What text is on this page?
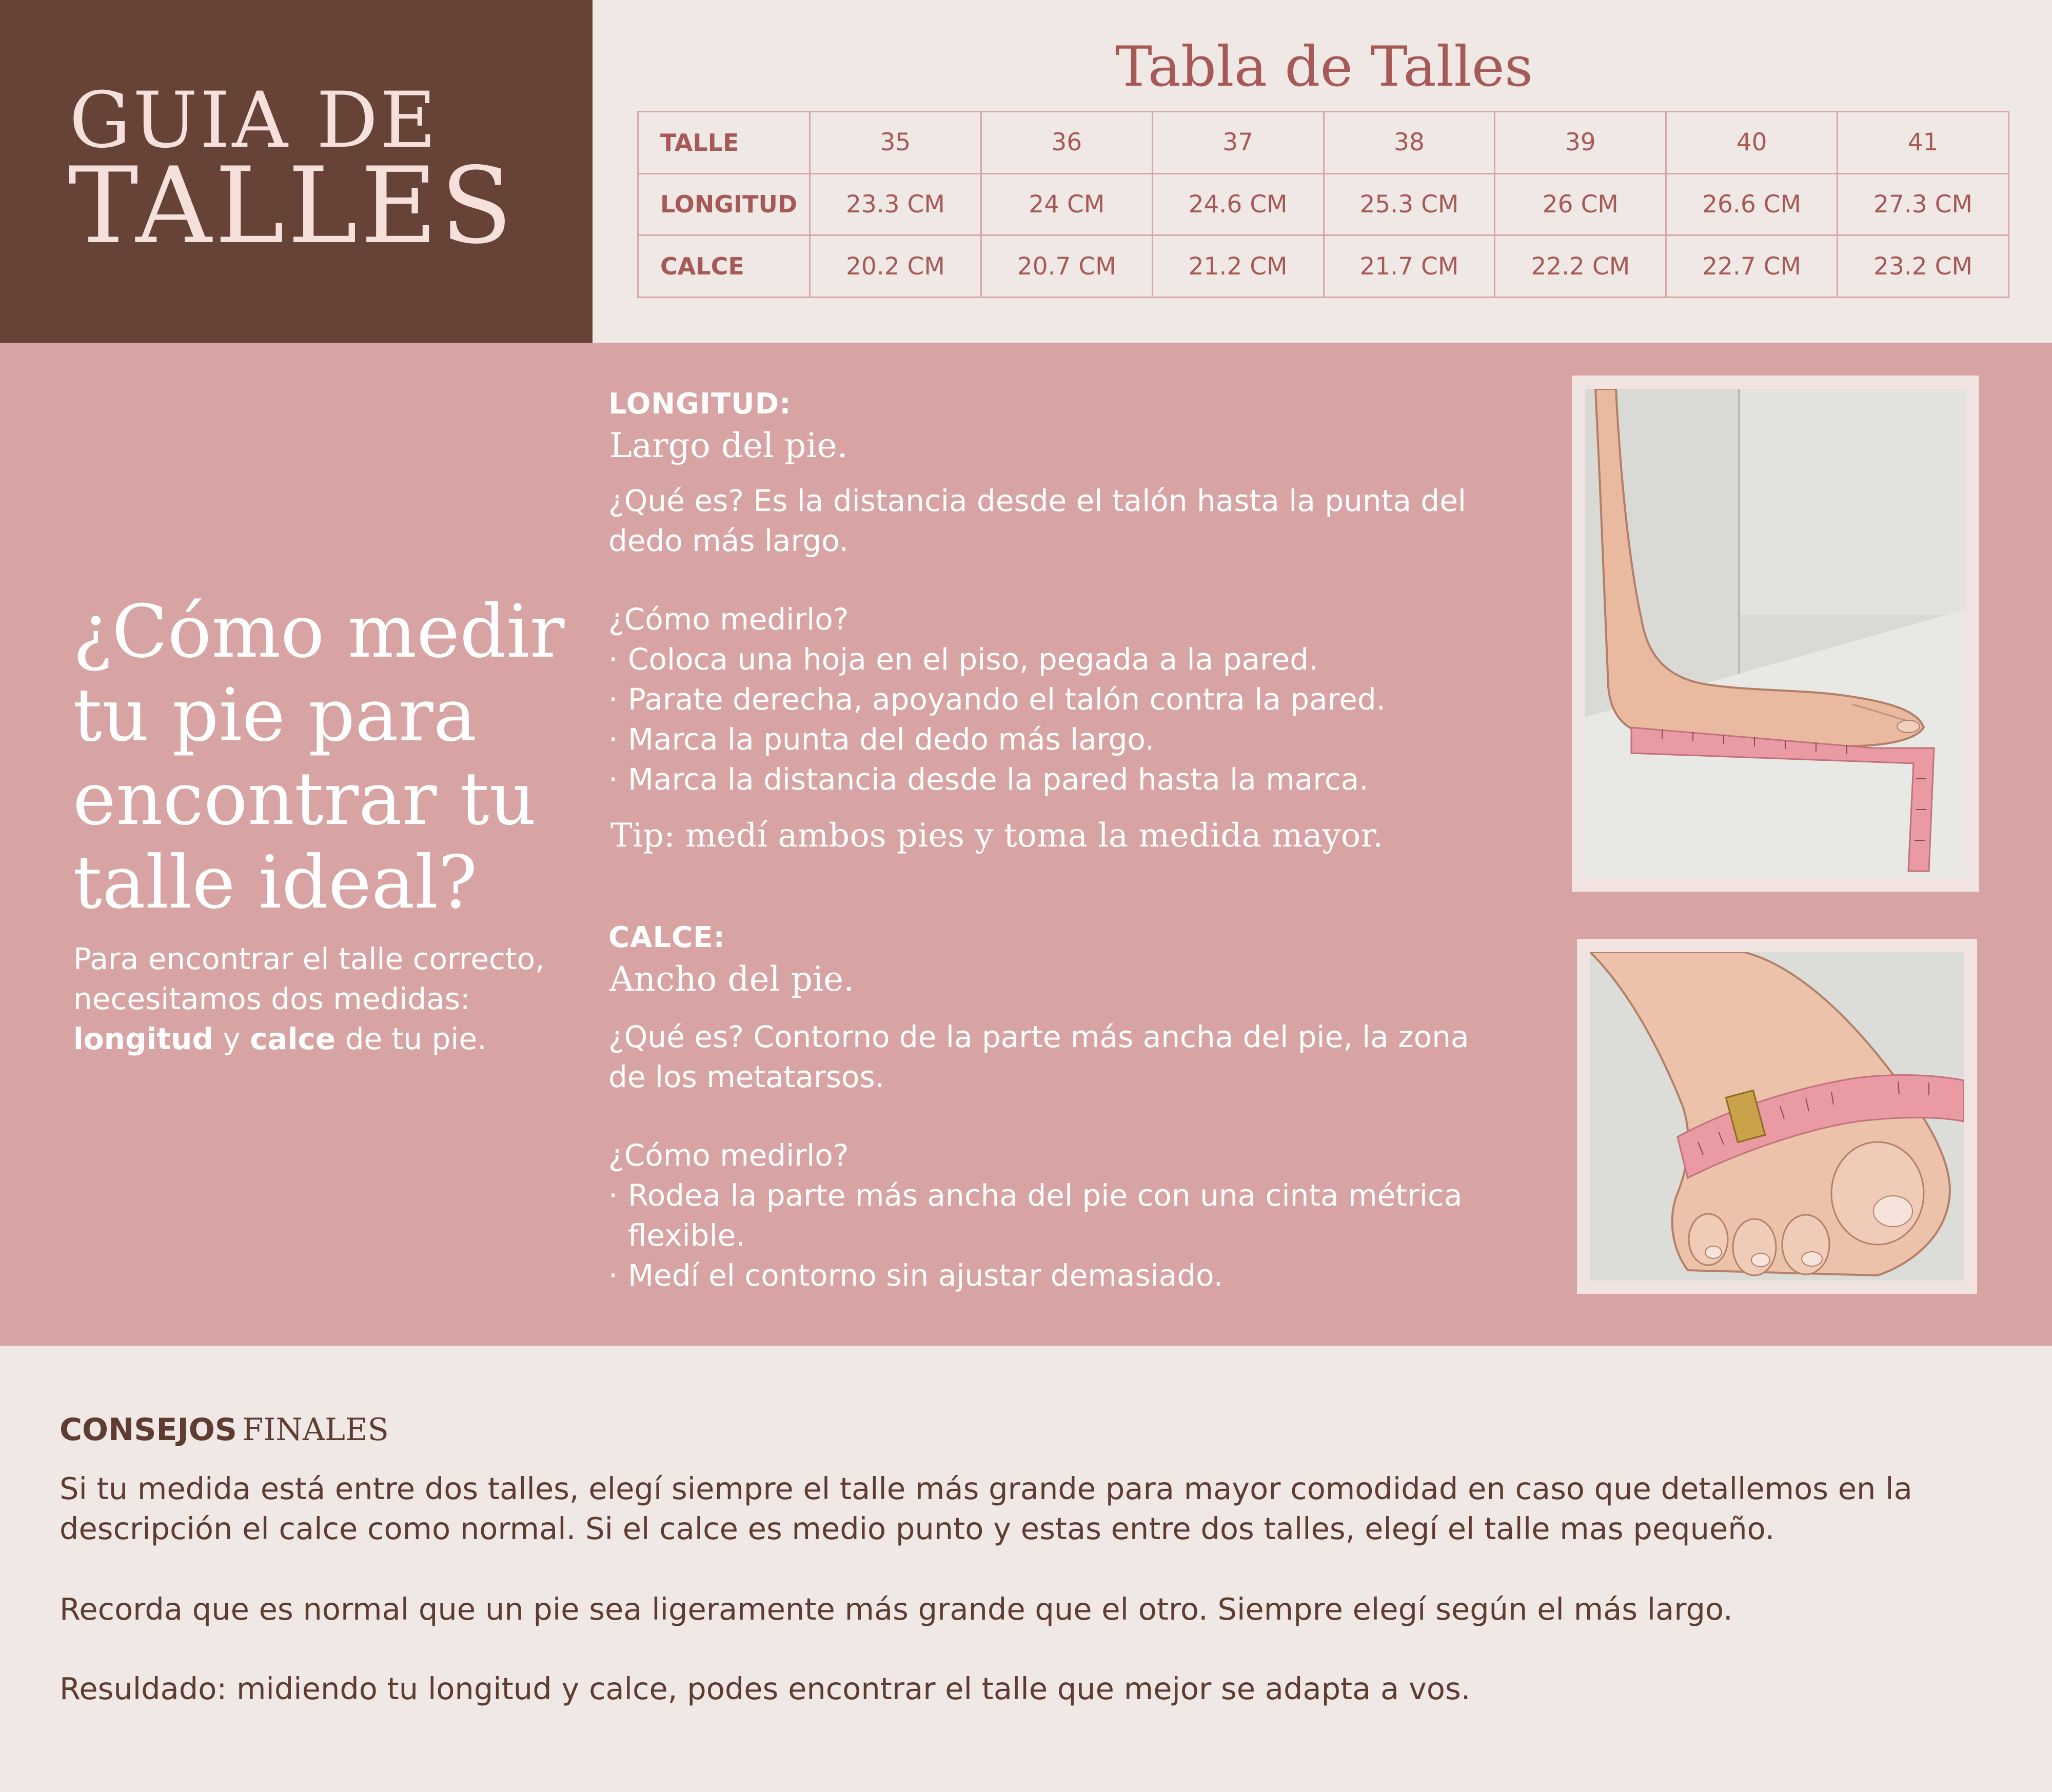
GUIA DE
TALLES
Tabla de Talles
TALLE	35	36	37	38	39	40	41
LONGITUD	23.3 CM	24 CM	24.6 CM	25.3 CM	26 CM	26.6 CM	27.3 CM
CALCE	20.2 CM	20.7 CM	21.2 CM	21.7 CM	22.2 CM	22.7 CM	23.2 CM
¿Cómo medir tu pie para encontrar tu talle ideal?
Para encontrar el talle correcto, necesitamos dos medidas: longitud y calce de tu pie.
LONGITUD:
Largo del pie.
¿Qué es? Es la distancia desde el talón hasta la punta del dedo más largo.
¿Cómo medirlo?
· Coloca una hoja en el piso, pegada a la pared.
· Parate derecha, apoyando el talón contra la pared.
· Marca la punta del dedo más largo.
· Marca la distancia desde la pared hasta la marca.
Tip: medí ambos pies y toma la medida mayor.
CALCE:
Ancho del pie.
¿Qué es? Contorno de la parte más ancha del pie, la zona de los metatarsos.
¿Cómo medirlo?
· Rodea la parte más ancha del pie con una cinta métrica flexible.
· Medí el contorno sin ajustar demasiado.
CONSEJOS FINALES
Si tu medida está entre dos talles, elegí siempre el talle más grande para mayor comodidad en caso que detallemos en la descripción el calce como normal. Si el calce es medio punto y estas entre dos talles, elegí el talle mas pequeño.
Recorda que es normal que un pie sea ligeramente más grande que el otro. Siempre elegí según el más largo.
Resuldado: midiendo tu longitud y calce, podes encontrar el talle que mejor se adapta a vos.
